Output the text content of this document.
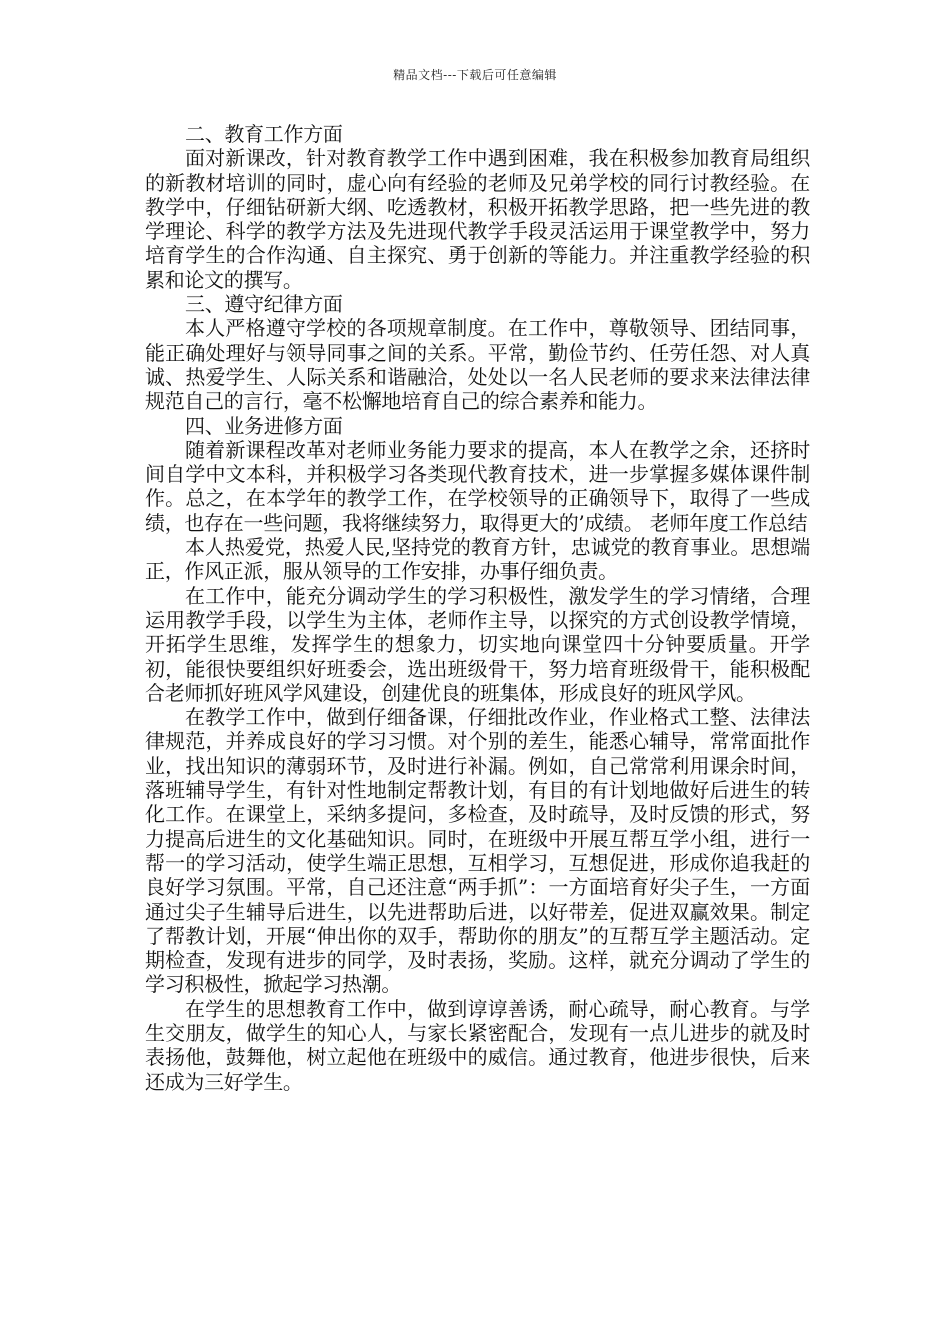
精品文档---下载后可任意编辑

二、教育工作方面

面对新课改，针对教育教学工作中遇到困难，我在积极参加教育局组织的新教材培训的同时，虚心向有经验的老师及兄弟学校的同行讨教经验。在教学中，仔细钻研新大纲、吃透教材，积极开拓教学思路，把一些先进的教学理论、科学的教学方法及先进现代教学手段灵活运用于课堂教学中，努力培育学生的合作沟通、自主探究、勇于创新的等能力。并注重教学经验的积累和论文的撰写。

三、遵守纪律方面

本人严格遵守学校的各项规章制度。在工作中，尊敬领导、团结同事，能正确处理好与领导同事之间的关系。平常，勤俭节约、任劳任怨、对人真诚、热爱学生、人际关系和谐融洽，处处以一名人民老师的要求来法律法律规范自己的言行，毫不松懈地培育自己的综合素养和能力。

四、业务进修方面

随着新课程改革对老师业务能力要求的提高，本人在教学之余，还挤时间自学中文本科，并积极学习各类现代教育技术，进一步掌握多媒体课件制作。总之，在本学年的教学工作，在学校领导的正确领导下，取得了一些成绩，也存在一些问题，我将继续努力，取得更大的’成绩。 老师年度工作总结

本人热爱党，热爱人民,坚持党的教育方针，忠诚党的教育事业。思想端正，作风正派，服从领导的工作安排，办事仔细负责。

在工作中，能充分调动学生的学习积极性，激发学生的学习情绪，合理运用教学手段，以学生为主体，老师作主导，以探究的方式创设教学情境，开拓学生思维，发挥学生的想象力，切实地向课堂四十分钟要质量。开学初，能很快要组织好班委会，选出班级骨干，努力培育班级骨干，能积极配合老师抓好班风学风建设，创建优良的班集体，形成良好的班风学风。

在教学工作中，做到仔细备课，仔细批改作业，作业格式工整、法律法律规范，并养成良好的学习习惯。对个别的差生，能悉心辅导，常常面批作业，找出知识的薄弱环节，及时进行补漏。例如，自己常常利用课余时间，落班辅导学生，有针对性地制定帮教计划，有目的有计划地做好后进生的转化工作。在课堂上，采纳多提问，多检查，及时疏导，及时反馈的形式，努力提高后进生的文化基础知识。同时，在班级中开展互帮互学小组，进行一帮一的学习活动，使学生端正思想，互相学习，互想促进，形成你追我赶的良好学习氛围。平常，自己还注意“两手抓”：一方面培育好尖子生，一方面通过尖子生辅导后进生，以先进帮助后进，以好带差，促进双赢效果。制定了帮教计划，开展“伸出你的双手，帮助你的朋友”的互帮互学主题活动。定期检查，发现有进步的同学，及时表扬，奖励。这样，就充分调动了学生的学习积极性，掀起学习热潮。

在学生的思想教育工作中，做到谆谆善诱，耐心疏导，耐心教育。与学生交朋友，做学生的知心人，与家长紧密配合，发现有一点儿进步的就及时表扬他，鼓舞他，树立起他在班级中的威信。通过教育，他进步很快，后来还成为三好学生。
